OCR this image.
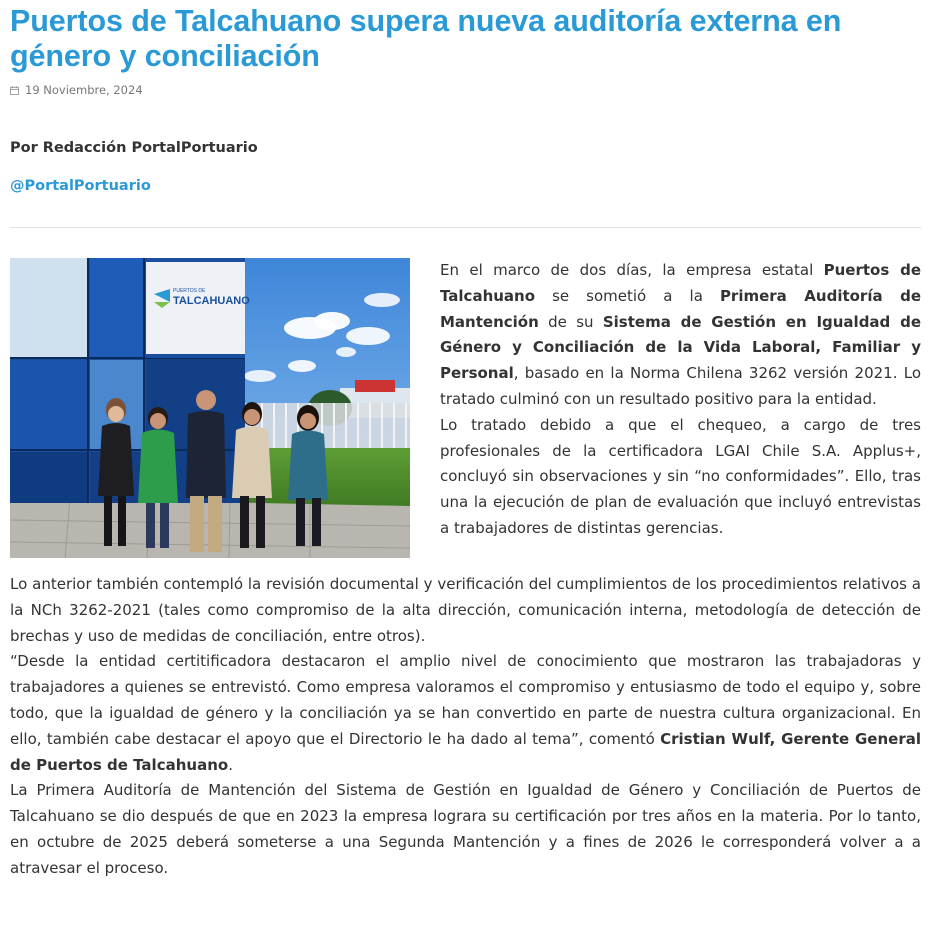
Puertos de Talcahuano supera nueva auditoría externa en género y conciliación
19 Noviembre, 2024
Por Redacción PortalPortuario
@PortalPortuario
PUERTOS DE
TALCAHUANO

En el marco de dos días, la empresa estatal Puertos de Talcahuano se sometió a la Primera Auditoría de Mantención de su Sistema de Gestión en Igualdad de Género y Conciliación de la Vida Laboral, Familiar y Personal, basado en la Norma Chilena 3262 versión 2021. Lo tratado culminó con un resultado positivo para la entidad.

Lo tratado debido a que el chequeo, a cargo de tres profesionales de la certificadora LGAI Chile S.A. Applus+, concluyó sin observaciones y sin “no conformidades”. Ello, tras una la ejecución de plan de evaluación que incluyó entrevistas a trabajadores de distintas gerencias.

Lo anterior también contempló la revisión documental y verificación del cumplimientos de los procedimientos relativos a la NCh 3262-2021 (tales como compromiso de la alta dirección, comunicación interna, metodología de detección de brechas y uso de medidas de conciliación, entre otros).

“Desde la entidad certitificadora destacaron el amplio nivel de conocimiento que mostraron las trabajadoras y trabajadores a quienes se entrevistó. Como empresa valoramos el compromiso y entusiasmo de todo el equipo y, sobre todo, que la igualdad de género y la conciliación ya se han convertido en parte de nuestra cultura organizacional. En ello, también cabe destacar el apoyo que el Directorio le ha dado al tema”, comentó Cristian Wulf, Gerente General de Puertos de Talcahuano.

La Primera Auditoría de Mantención del Sistema de Gestión en Igualdad de Género y Conciliación de Puertos de Talcahuano se dio después de que en 2023 la empresa lograra su certificación por tres años en la materia. Por lo tanto, en octubre de 2025 deberá someterse a una Segunda Mantención y a fines de 2026 le corresponderá volver a a atravesar el proceso.
